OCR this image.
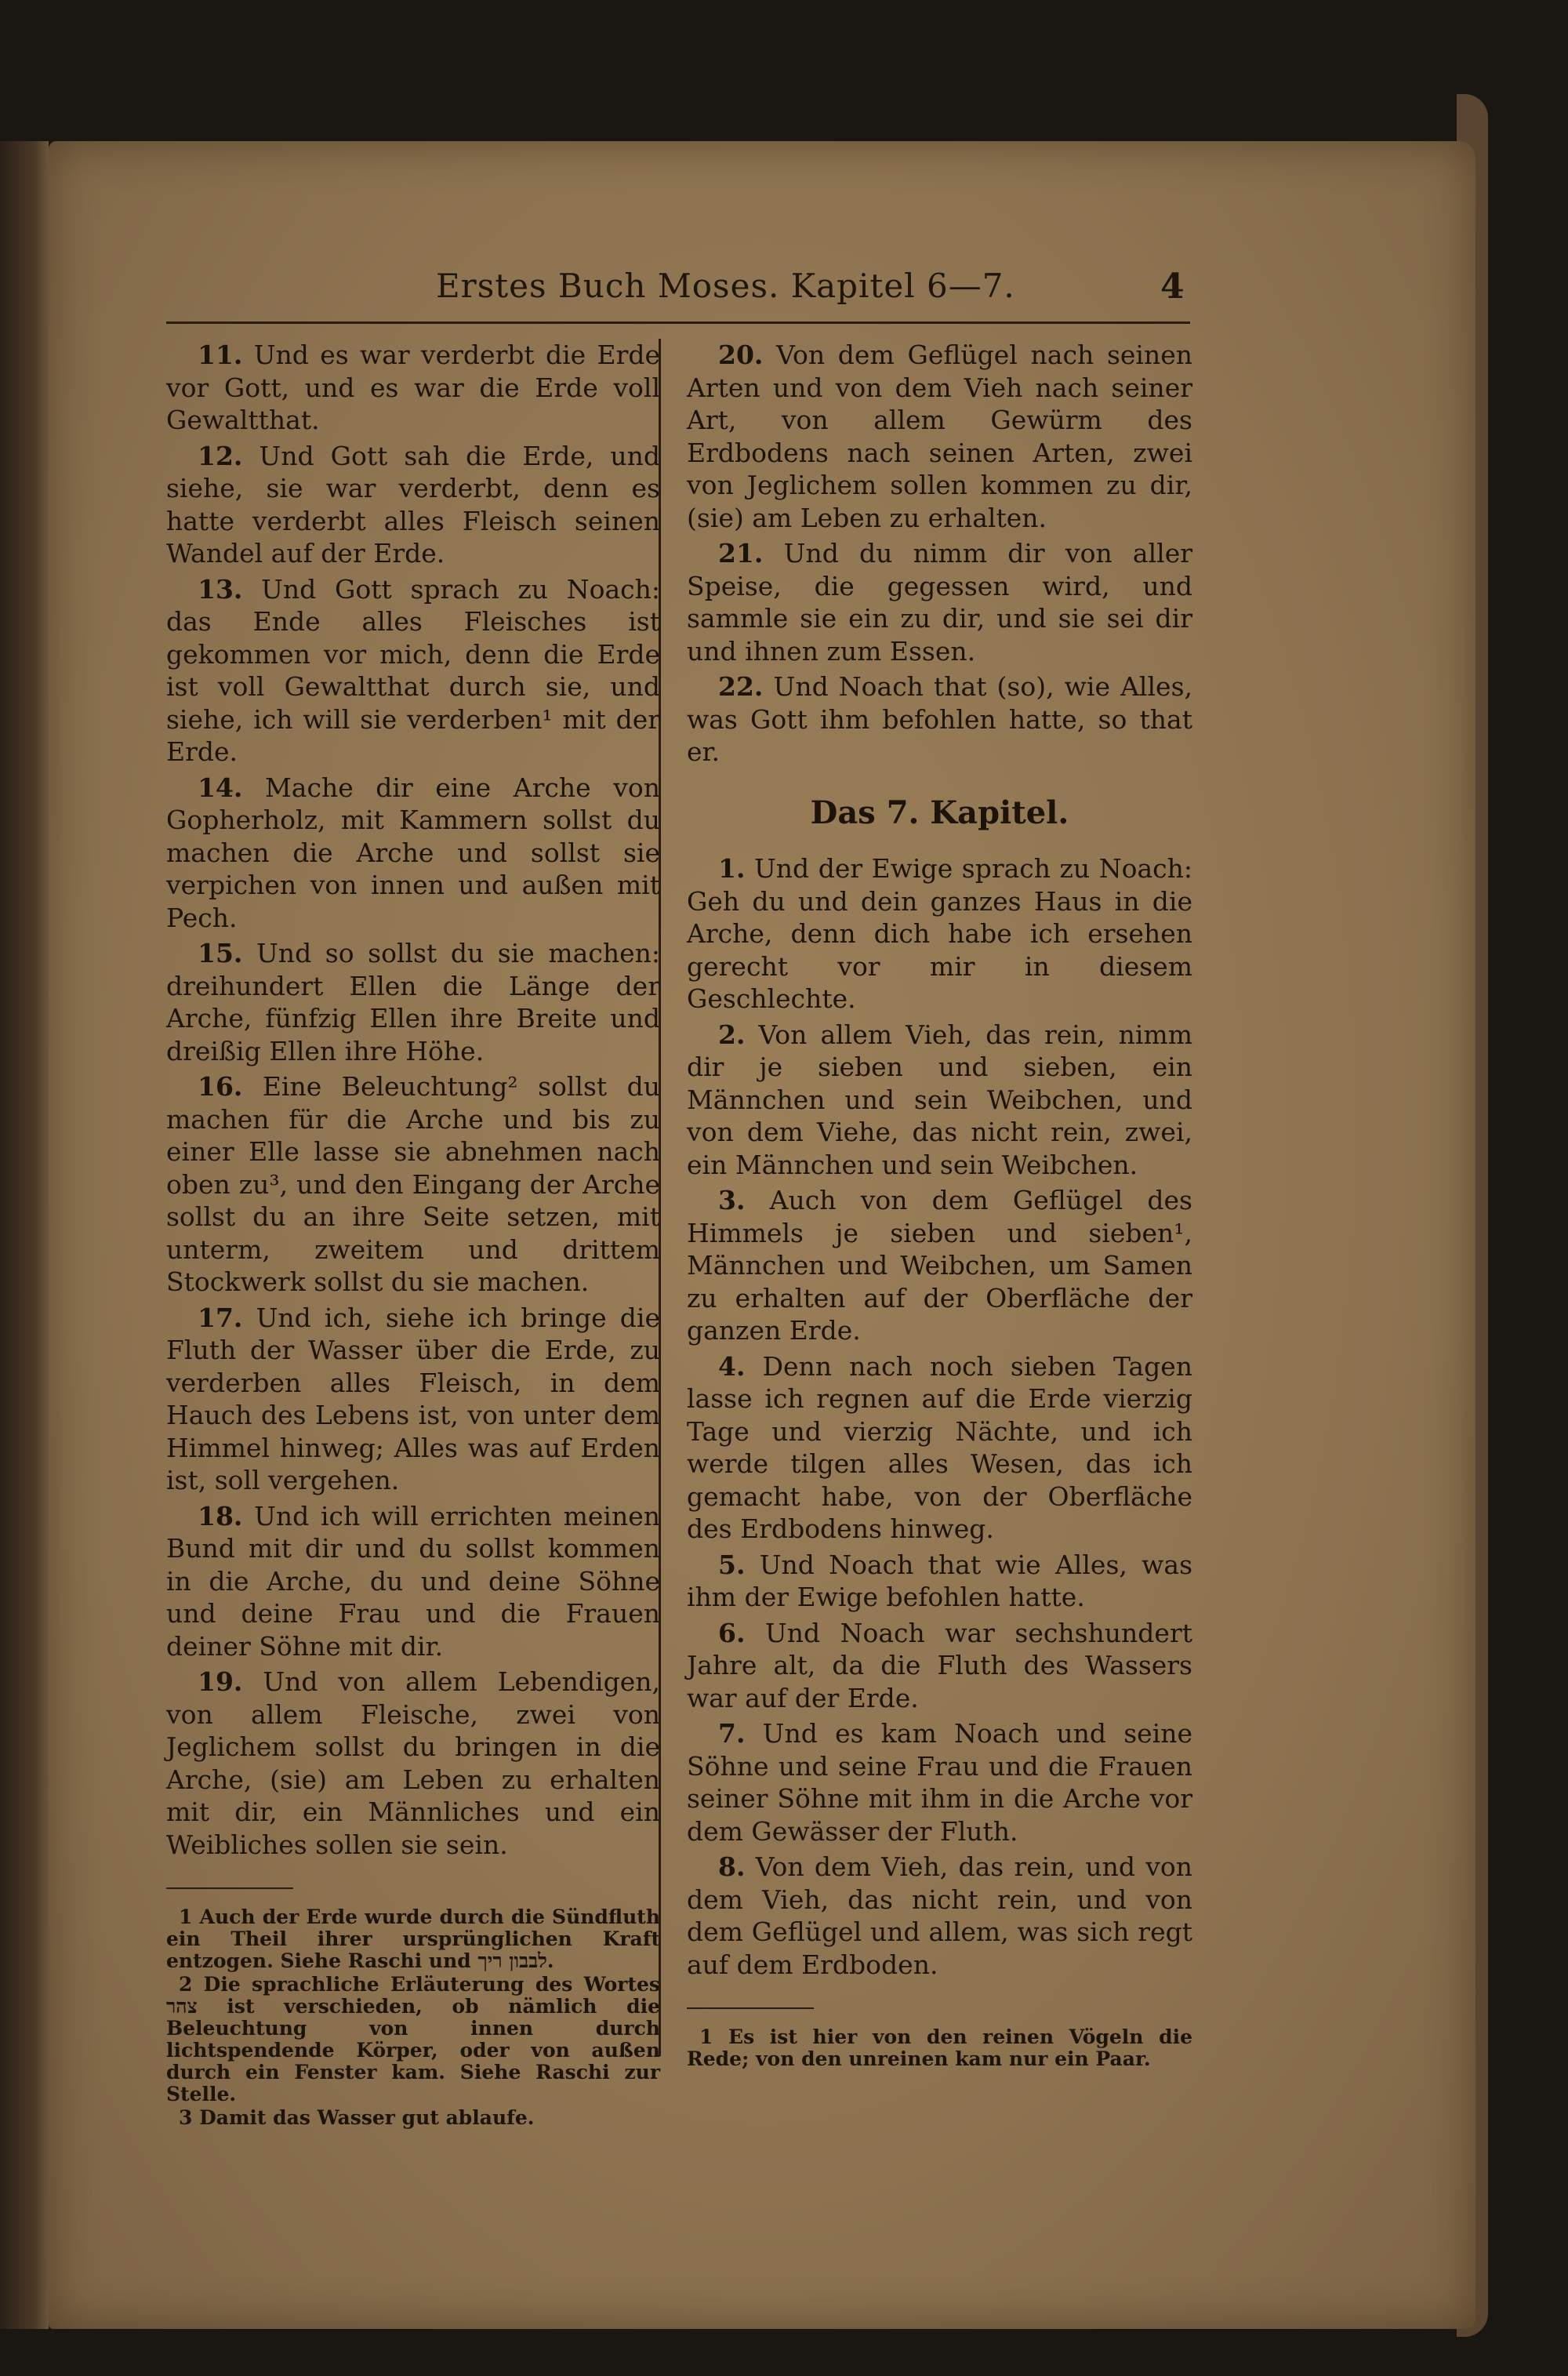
Erstes Buch Moses. Kapitel 6—7.	4

11. Und es war verderbt die Erde vor Gott, und es war die Erde voll Gewaltthat.

12. Und Gott sah die Erde, und siehe, sie war verderbt, denn es hatte verderbt alles Fleisch seinen Wandel auf der Erde.

13. Und Gott sprach zu Noach: das Ende alles Fleisches ist gekommen vor mich, denn die Erde ist voll Gewaltthat durch sie, und siehe, ich will sie verderben¹ mit der Erde.

14. Mache dir eine Arche von Gopherholz, mit Kammern sollst du machen die Arche und sollst sie verpichen von innen und außen mit Pech.

15. Und so sollst du sie machen: dreihundert Ellen die Länge der Arche, fünfzig Ellen ihre Breite und dreißig Ellen ihre Höhe.

16. Eine Beleuchtung² sollst du machen für die Arche und bis zu einer Elle lasse sie abnehmen nach oben zu³, und den Eingang der Arche sollst du an ihre Seite setzen, mit unterm, zweitem und drittem Stockwerk sollst du sie machen.

17. Und ich, siehe ich bringe die Fluth der Wasser über die Erde, zu verderben alles Fleisch, in dem Hauch des Lebens ist, von unter dem Himmel hinweg; Alles was auf Erden ist, soll vergehen.

18. Und ich will errichten meinen Bund mit dir und du sollst kommen in die Arche, du und deine Söhne und deine Frau und die Frauen deiner Söhne mit dir.

19. Und von allem Lebendigen, von allem Fleische, zwei von Jeglichem sollst du bringen in die Arche, (sie) am Leben zu erhalten mit dir, ein Männliches und ein Weibliches sollen sie sein.

1 Auch der Erde wurde durch die Sündfluth ein Theil ihrer ursprünglichen Kraft entzogen. Siehe Raschi und לבבון ריך.

2 Die sprachliche Erläuterung des Wortes צהר ist verschieden, ob nämlich die Beleuchtung von innen durch lichtspendende Körper, oder von außen durch ein Fenster kam. Siehe Raschi zur Stelle.

3 Damit das Wasser gut ablaufe.

20. Von dem Geflügel nach seinen Arten und von dem Vieh nach seiner Art, von allem Gewürm des Erdbodens nach seinen Arten, zwei von Jeglichem sollen kommen zu dir, (sie) am Leben zu erhalten.

21. Und du nimm dir von aller Speise, die gegessen wird, und sammle sie ein zu dir, und sie sei dir und ihnen zum Essen.

22. Und Noach that (so), wie Alles, was Gott ihm befohlen hatte, so that er.

Das 7. Kapitel.

1. Und der Ewige sprach zu Noach: Geh du und dein ganzes Haus in die Arche, denn dich habe ich ersehen gerecht vor mir in diesem Geschlechte.

2. Von allem Vieh, das rein, nimm dir je sieben und sieben, ein Männchen und sein Weibchen, und von dem Viehe, das nicht rein, zwei, ein Männchen und sein Weibchen.

3. Auch von dem Geflügel des Himmels je sieben und sieben¹, Männchen und Weibchen, um Samen zu erhalten auf der Oberfläche der ganzen Erde.

4. Denn nach noch sieben Tagen lasse ich regnen auf die Erde vierzig Tage und vierzig Nächte, und ich werde tilgen alles Wesen, das ich gemacht habe, von der Oberfläche des Erdbodens hinweg.

5. Und Noach that wie Alles, was ihm der Ewige befohlen hatte.

6. Und Noach war sechshundert Jahre alt, da die Fluth des Wassers war auf der Erde.

7. Und es kam Noach und seine Söhne und seine Frau und die Frauen seiner Söhne mit ihm in die Arche vor dem Gewässer der Fluth.

8. Von dem Vieh, das rein, und von dem Vieh, das nicht rein, und von dem Geflügel und allem, was sich regt auf dem Erdboden.

1 Es ist hier von den reinen Vögeln die Rede; von den unreinen kam nur ein Paar.
